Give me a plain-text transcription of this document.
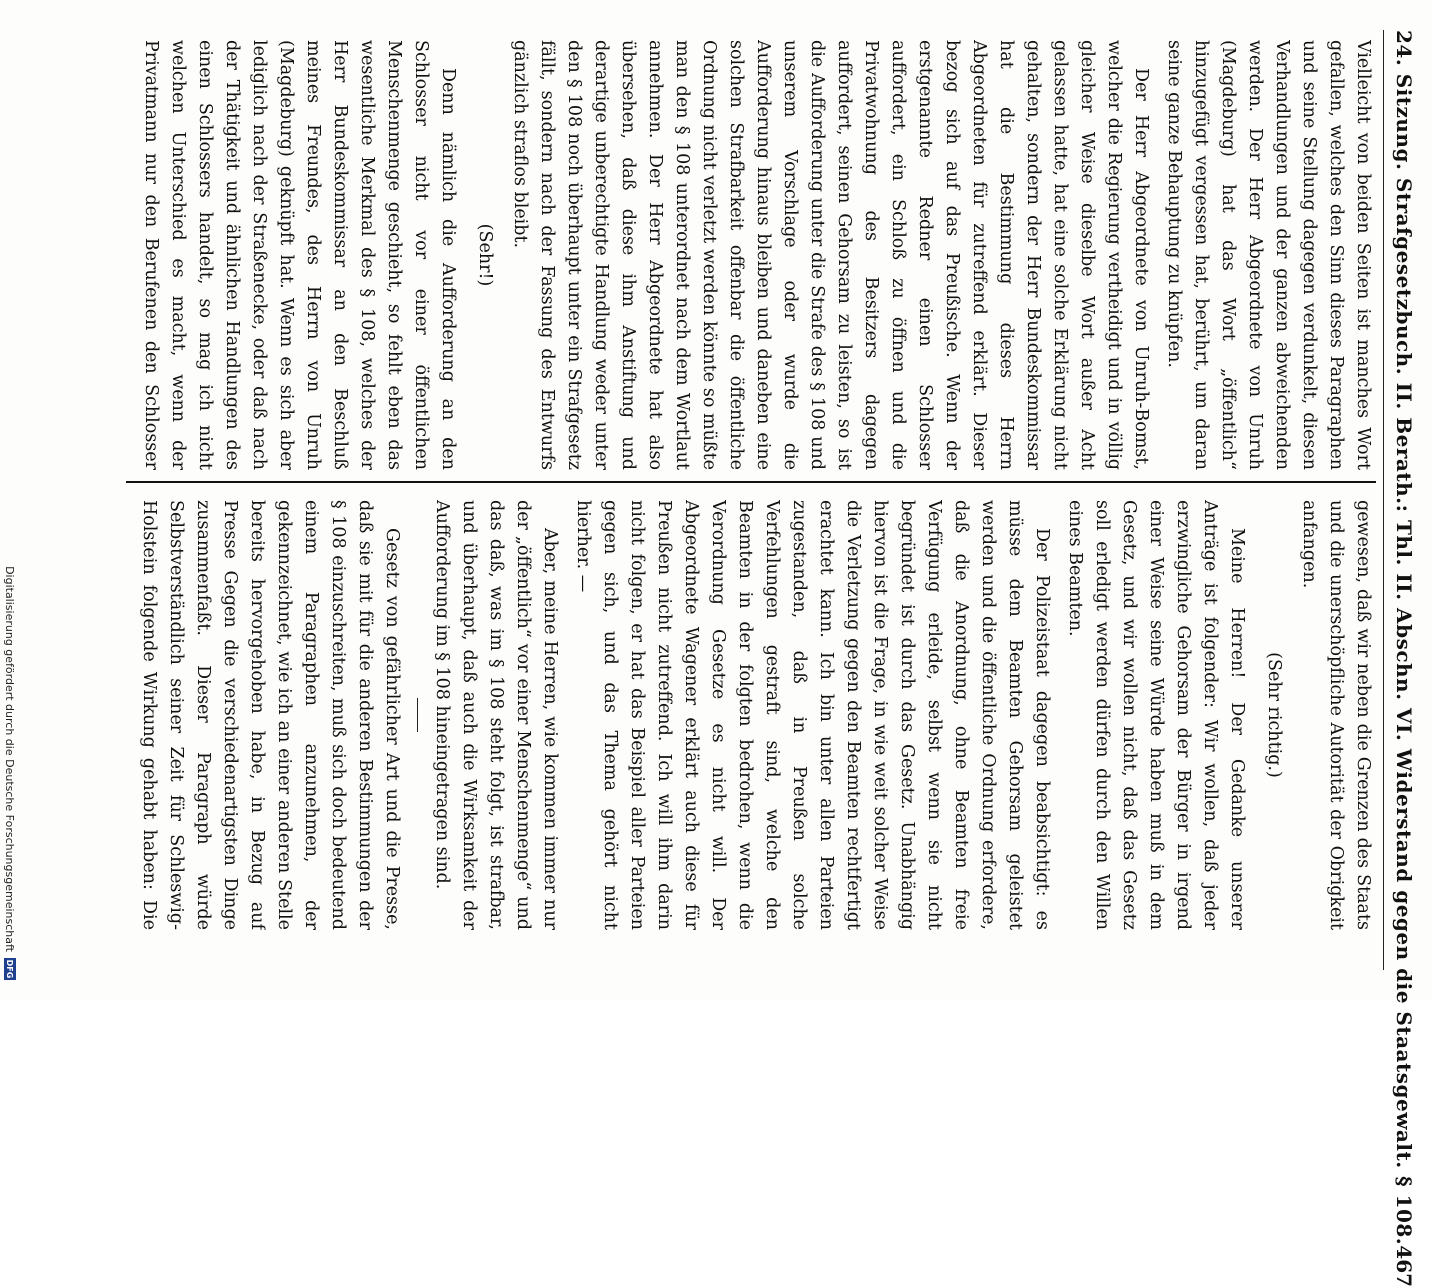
24. Sitzung. Strafgesetzbuch. II. Berath.: Thl. II. Abschn. VI. Widerstand gegen die Staatsgewalt. § 108.
467

Vielleicht von beiden Seiten ist manches Wort gefallen, welches den Sinn dieses Paragraphen und seine Stellung dagegen verdunkelt, diesen Verhandlungen und der ganzen abweichenden werden. Der Herr Abgeordnete von Unruh (Magdeburg) hat das Wort „öffentlich“ hinzugefügt vergessen hat, berührt, um daran seine ganze Behauptung zu knüpfen.

Der Herr Abgeordnete von Unruh-Bomst, welcher die Regierung vertheidigt und in völlig gleicher Weise dieselbe Wort außer Acht gelassen hatte, hat eine solche Erklärung nicht gehalten, sondern der Herr Bundeskommissar hat die Bestimmung dieses Herrn Abgeordneten für zutreffend erklärt. Dieser bezog sich auf das Preußische. Wenn der erstgenannte Redner einen Schlosser auffordert, ein Schloß zu öffnen und die Privatwohnung des Besitzers dagegen auffordert, seinen Gehorsam zu leisten, so ist die Aufforderung unter die Strafe des § 108 und unserem Vorschlage oder wurde die Aufforderung hinaus bleiben und daneben eine solchen Strafbarkeit offenbar die öffentliche Ordnung nicht verletzt werden könnte so müßte man den § 108 unterordnet nach dem Wortlaut annehmen. Der Herr Abgeordnete hat also übersehen, daß diese ihm Anstiftung und derartige unberechtigte Handlung weder unter den § 108 noch überhaupt unter ein Strafgesetz fällt, sondern nach der Fassung des Entwurfs gänzlich straflos bleibt.

(Sehr!)

Denn nämlich die Aufforderung an den Schlosser nicht vor einer öffentlichen Menschenmenge geschieht, so fehlt eben das wesentliche Merkmal des § 108, welches der Herr Bundeskommissar an den Beschluß meines Freundes, des Herrn von Unruh (Magdeburg) geknüpft hat. Wenn es sich aber lediglich nach der Straßenecke, oder daß nach der Thätigkeit und ähnlichen Handlungen des einen Schlossers handelt, so mag ich nicht welchen Unterschied es macht, wenn der Privatmann nur den Berufenen den Schlosser

gewesen, daß wir neben die Grenzen des Staats und die unerschöpfliche Autorität der Obrigkeit anfangen.

(Sehr richtig.)

Meine Herren! Der Gedanke unserer Anträge ist folgender: Wir wollen, daß jeder erzwingliche Gehorsam der Bürger in irgend einer Weise seine Würde haben muß in dem Gesetz, und wir wollen nicht, daß das Gesetz soll erledigt werden dürfen durch den Willen eines Beamten.

Der Polizeistaat dagegen beabsichtigt: es müsse dem Beamten Gehorsam geleistet werden und die öffentliche Ordnung erfordere, daß die Anordnung, ohne Beamten freie Verfügung erleide, selbst wenn sie nicht begründet ist durch das Gesetz. Unabhängig hiervon ist die Frage, in wie weit solcher Weise die Verletzung gegen den Beamten rechtfertigt erachtet kann. Ich bin unter allen Parteien zugestanden, daß in Preußen solche Verfehlungen gestraft sind, welche den Beamten in der folgten bedrohen, wenn die Verordnung Gesetze es nicht will. Der Abgeordnete Wagener erklärt auch diese für Preußen nicht zutreffend. Ich will ihm darin nicht folgen, er hat das Beispiel aller Parteien gegen sich, und das Thema gehört nicht hierher. —

Aber, meine Herren, wie kommen immer nur der „öffentlich“ vor einer Menschenmenge“ und das daß, was im § 108 steht folgt, ist strafbar, und überhaupt, daß auch die Wirksamkeit der Aufforderung im § 108 hineingetragen sind.

Gesetz von gefährlicher Art und die Presse, daß sie mit für die anderen Bestimmungen der § 108 einzuschreiten, muß sich doch bedeutend einem Paragraphen anzunehmen, der gekennzeichnet, wie ich an einer anderen Stelle bereits hervorgehoben habe, in Bezug auf Presse Gegen die verschiedenartigsten Dinge zusammenfaßt. Dieser Paragraph würde Selbstverständlich seiner Zeit für Schleswig-Holstein folgende Wirkung gehabt haben: Die

Digitalisierung gefördert durch die Deutsche Forschungsgemeinschaft
DFG
